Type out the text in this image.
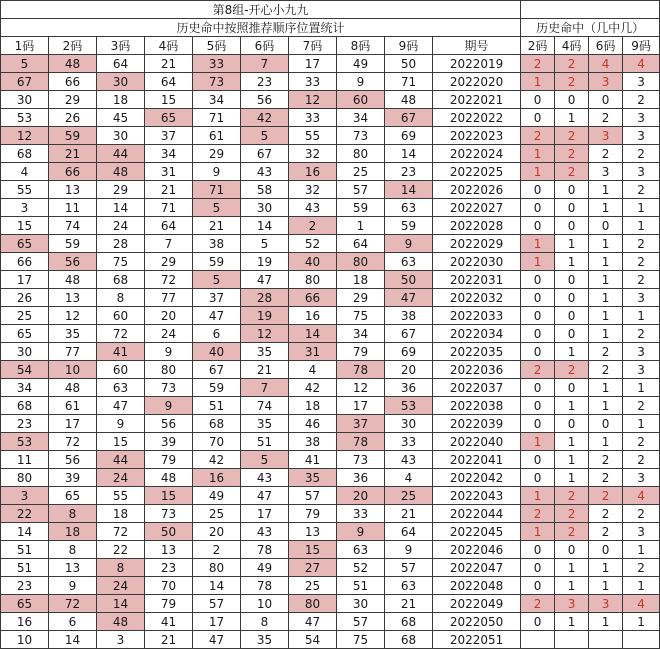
第8组-开心小九九													
历史命中按照推荐顺序位置统计										历史命中（几中几）			
1码	2码	3码	4码	5码	6码	7码	8码	9码	期号	2码	4码	6码	9码
5	48	64	21	33	7	17	49	50	2022019	2	2	4	4
67	66	30	64	73	23	33	9	71	2022020	1	2	3	3
30	29	18	15	34	56	12	60	48	2022021	0	0	0	2
53	26	45	65	71	42	33	34	67	2022022	0	1	2	3
12	59	30	37	61	5	55	73	69	2022023	2	2	3	3
68	21	44	34	29	67	32	80	14	2022024	1	2	2	2
4	66	48	31	9	43	16	25	23	2022025	1	2	3	3
55	13	29	21	71	58	32	57	14	2022026	0	0	1	2
3	11	14	71	5	30	43	59	63	2022027	0	0	1	1
15	74	24	64	21	14	2	1	59	2022028	0	0	0	1
65	59	28	7	38	5	52	64	9	2022029	1	1	1	2
66	56	75	29	59	19	40	80	63	2022030	1	1	1	2
17	48	68	72	5	47	80	18	50	2022031	0	0	1	2
26	13	8	77	37	28	66	29	47	2022032	0	0	1	3
25	12	60	20	47	19	16	75	38	2022033	0	0	1	1
65	35	72	24	6	12	14	34	67	2022034	0	0	1	2
30	77	41	9	40	35	31	79	69	2022035	0	1	2	3
54	10	60	80	67	21	4	78	20	2022036	2	2	2	3
34	48	63	73	59	7	42	12	36	2022037	0	0	1	1
68	61	47	9	51	74	18	17	53	2022038	0	1	1	2
23	17	9	56	68	35	46	37	30	2022039	0	0	0	1
53	72	15	39	70	51	38	78	33	2022040	1	1	1	2
11	56	44	79	42	5	41	73	43	2022041	0	1	2	2
80	39	24	48	16	43	35	36	4	2022042	0	1	2	3
3	65	55	15	49	47	57	20	25	2022043	1	2	2	4
22	8	18	73	25	17	79	33	21	2022044	2	2	2	2
14	18	72	50	20	43	13	9	64	2022045	1	2	2	3
51	8	22	13	2	78	15	63	9	2022046	0	0	0	1
51	13	8	23	80	49	27	52	57	2022047	0	1	1	2
23	9	24	70	14	78	25	51	63	2022048	0	1	1	1
65	72	14	79	57	10	80	30	21	2022049	2	3	3	4
16	6	48	41	17	8	47	57	68	2022050	0	1	1	1
10	14	3	21	47	35	54	75	68	2022051				
